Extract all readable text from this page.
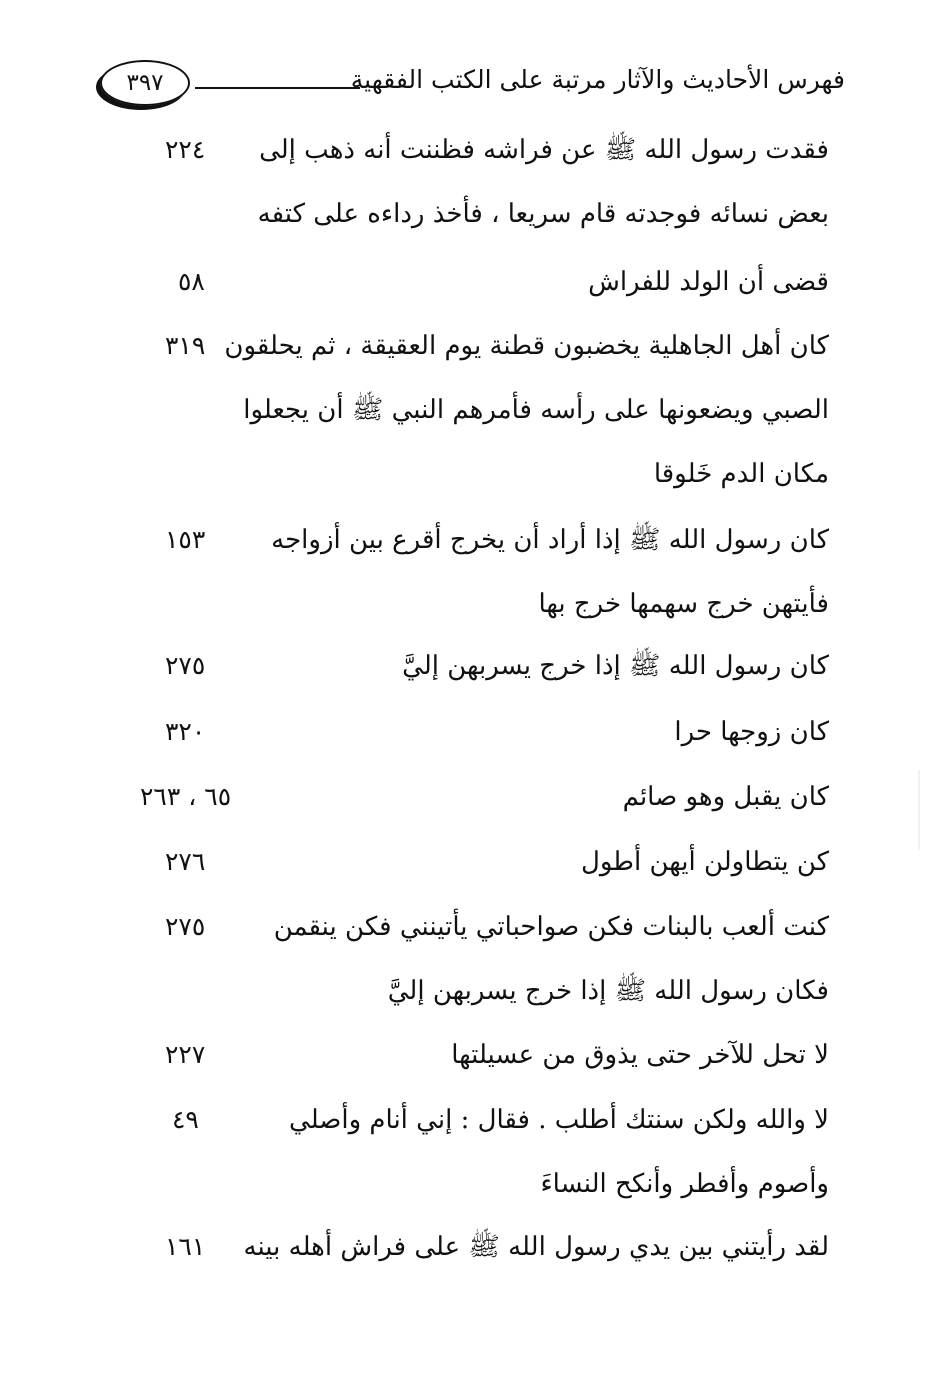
فهرس الأحاديث والآثار مرتبة على الكتب الفقهية
٣٩٧
فقدت رسول الله ﷺ عن فراشه فظننت أنه ذهب إلى
بعض نسائه فوجدته قام سريعا ، فأخذ رداءه على كتفه
٢٢٤
قضى أن الولد للفراش
٥٨
كان أهل الجاهلية يخضبون قطنة يوم العقيقة ، ثم يحلقون
الصبي ويضعونها على رأسه فأمرهم النبي ﷺ أن يجعلوا
مكان الدم خَلوقا
٣١٩
كان رسول الله ﷺ إذا أراد أن يخرج أقرع بين أزواجه
فأيتهن خرج سهمها خرج بها
١٥٣
كان رسول الله ﷺ إذا خرج يسربهن إليَّ
٢٧٥
كان زوجها حرا
٣٢٠
كان يقبل وهو صائم
٦٥ ، ٢٦٣
كن يتطاولن أيهن أطول
٢٧٦
كنت ألعب بالبنات فكن صواحباتي يأتينني فكن ينقمن
فكان رسول الله ﷺ إذا خرج يسربهن إليَّ
٢٧٥
لا تحل للآخر حتى يذوق من عسيلتها
٢٢٧
لا والله ولكن سنتك أطلب . فقال : إني أنام وأصلي
وأصوم وأفطر وأنكح النساءَ
٤٩
لقد رأيتني بين يدي رسول الله ﷺ على فراش أهله بينه
١٦١
